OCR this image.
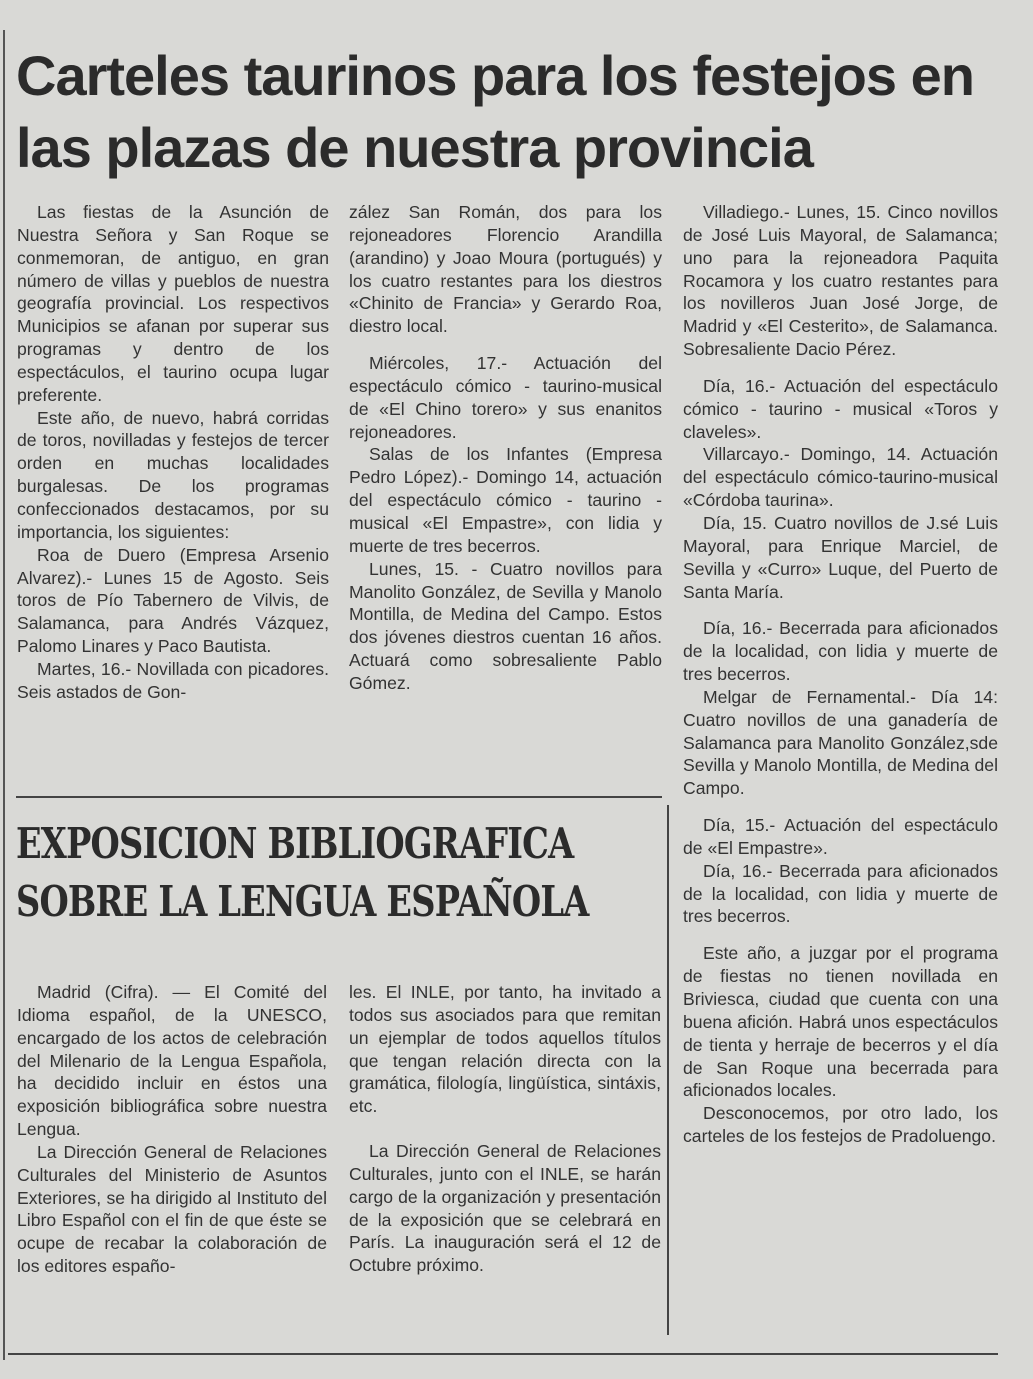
Carteles taurinos para los festejos en las plazas de nuestra provincia

Las fiestas de la Asunción de Nuestra Señora y San Roque se conmemoran, de antiguo, en gran número de villas y pueblos de nuestra geografía provincial. Los respectivos Municipios se afanan por superar sus programas y dentro de los espectáculos, el taurino ocupa lugar preferente.

Este año, de nuevo, habrá corridas de toros, novilladas y festejos de tercer orden en muchas localidades burgalesas. De los programas confeccionados destacamos, por su importancia, los siguientes:

Roa de Duero (Empresa Arsenio Alvarez).- Lunes 15 de Agosto. Seis toros de Pío Tabernero de Vilvis, de Salamanca, para Andrés Vázquez, Palomo Linares y Paco Bautista.

Martes, 16.- Novillada con picadores. Seis astados de Gon-

zález San Román, dos para los rejoneadores Florencio Arandilla (arandino) y Joao Moura (portugués) y los cuatro restantes para los diestros «Chinito de Francia» y Gerardo Roa, diestro local.

Miércoles, 17.- Actuación del espectáculo cómico - taurino-musical de «El Chino torero» y sus enanitos rejoneadores.

Salas de los Infantes (Empresa Pedro López).- Domingo 14, actuación del espectáculo cómico - taurino - musical «El Empastre», con lidia y muerte de tres becerros.

Lunes, 15. - Cuatro novillos para Manolito González, de Sevilla y Manolo Montilla, de Medina del Campo. Estos dos jóvenes diestros cuentan 16 años. Actuará como sobresaliente Pablo Gómez.

Villadiego.- Lunes, 15. Cinco novillos de José Luis Mayoral, de Salamanca; uno para la rejoneadora Paquita Rocamora y los cuatro restantes para los novilleros Juan José Jorge, de Madrid y «El Cesterito», de Salamanca. Sobresaliente Dacio Pérez.

Día, 16.- Actuación del espectáculo cómico - taurino - musical «Toros y claveles».

Villarcayo.- Domingo, 14. Actuación del espectáculo cómico-taurino-musical «Córdoba taurina».

Día, 15. Cuatro novillos de J.sé Luis Mayoral, para Enrique Marciel, de Sevilla y «Curro» Luque, del Puerto de Santa María.

Día, 16.- Becerrada para aficionados de la localidad, con lidia y muerte de tres becerros.

Melgar de Fernamental.- Día 14: Cuatro novillos de una ganadería de Salamanca para Manolito González,sde Sevilla y Manolo Montilla, de Medina del Campo.

Día, 15.- Actuación del espectáculo de «El Empastre».

Día, 16.- Becerrada para aficionados de la localidad, con lidia y muerte de tres becerros.

Este año, a juzgar por el programa de fiestas no tienen novillada en Briviesca, ciudad que cuenta con una buena afición. Habrá unos espectáculos de tienta y herraje de becerros y el día de San Roque una becerrada para aficionados locales.

Desconocemos, por otro lado, los carteles de los festejos de Pradoluengo.

EXPOSICION BIBLIOGRAFICA
SOBRE LA LENGUA ESPAÑOLA

Madrid (Cifra). — El Comité del Idioma español, de la UNESCO, encargado de los actos de celebración del Milenario de la Lengua Española, ha decidido incluir en éstos una exposición bibliográfica sobre nuestra Lengua.

La Dirección General de Relaciones Culturales del Ministerio de Asuntos Exteriores, se ha dirigido al Instituto del Libro Español con el fin de que éste se ocupe de recabar la colaboración de los editores españo-

les. El INLE, por tanto, ha invitado a todos sus asociados para que remitan un ejemplar de todos aquellos títulos que tengan relación directa con la gramática, filología, lingüística, sintáxis, etc.

La Dirección General de Relaciones Culturales, junto con el INLE, se harán cargo de la organización y presentación de la exposición que se celebrará en París. La inauguración será el 12 de Octubre próximo.
